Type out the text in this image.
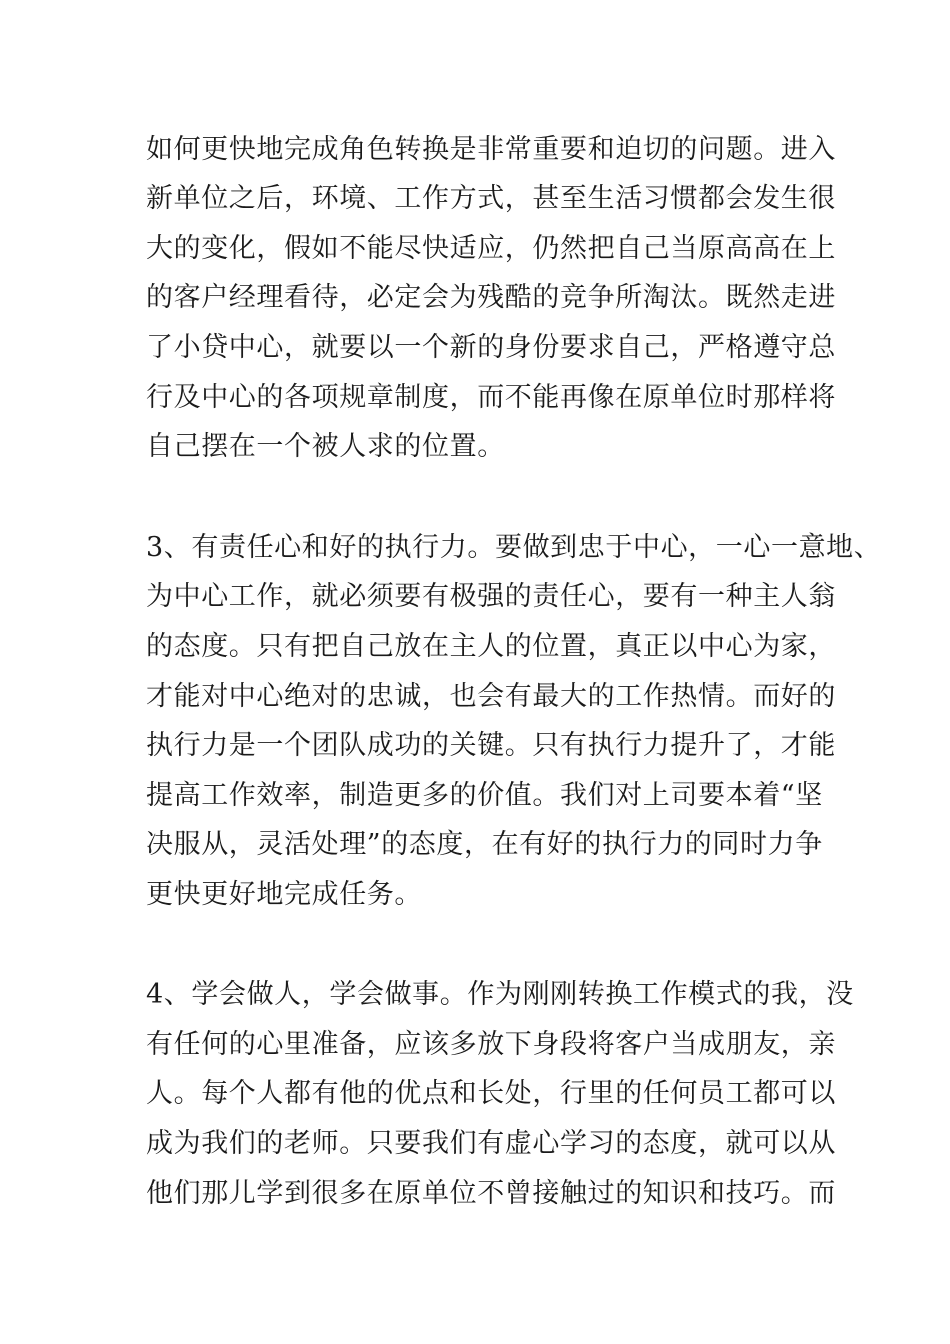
如何更快地完成角色转换是非常重要和迫切的问题。进入
新单位之后，环境、工作方式，甚至生活习惯都会发生很
大的变化，假如不能尽快适应，仍然把自己当原高高在上
的客户经理看待，必定会为残酷的竞争所淘汰。既然走进
了小贷中心，就要以一个新的身份要求自己，严格遵守总
行及中心的各项规章制度，而不能再像在原单位时那样将
自己摆在一个被人求的位置。
3、有责任心和好的执行力。要做到忠于中心，一心一意地、
为中心工作，就必须要有极强的责任心，要有一种主人翁
的态度。只有把自己放在主人的位置，真正以中心为家，
才能对中心绝对的忠诚，也会有最大的工作热情。而好的
执行力是一个团队成功的关键。只有执行力提升了，才能
提高工作效率，制造更多的价值。我们对上司要本着“坚
决服从，灵活处理”的态度，在有好的执行力的同时力争
更快更好地完成任务。
4、学会做人，学会做事。作为刚刚转换工作模式的我，没
有任何的心里准备，应该多放下身段将客户当成朋友，亲
人。每个人都有他的优点和长处，行里的任何员工都可以
成为我们的老师。只要我们有虚心学习的态度，就可以从
他们那儿学到很多在原单位不曾接触过的知识和技巧。而
